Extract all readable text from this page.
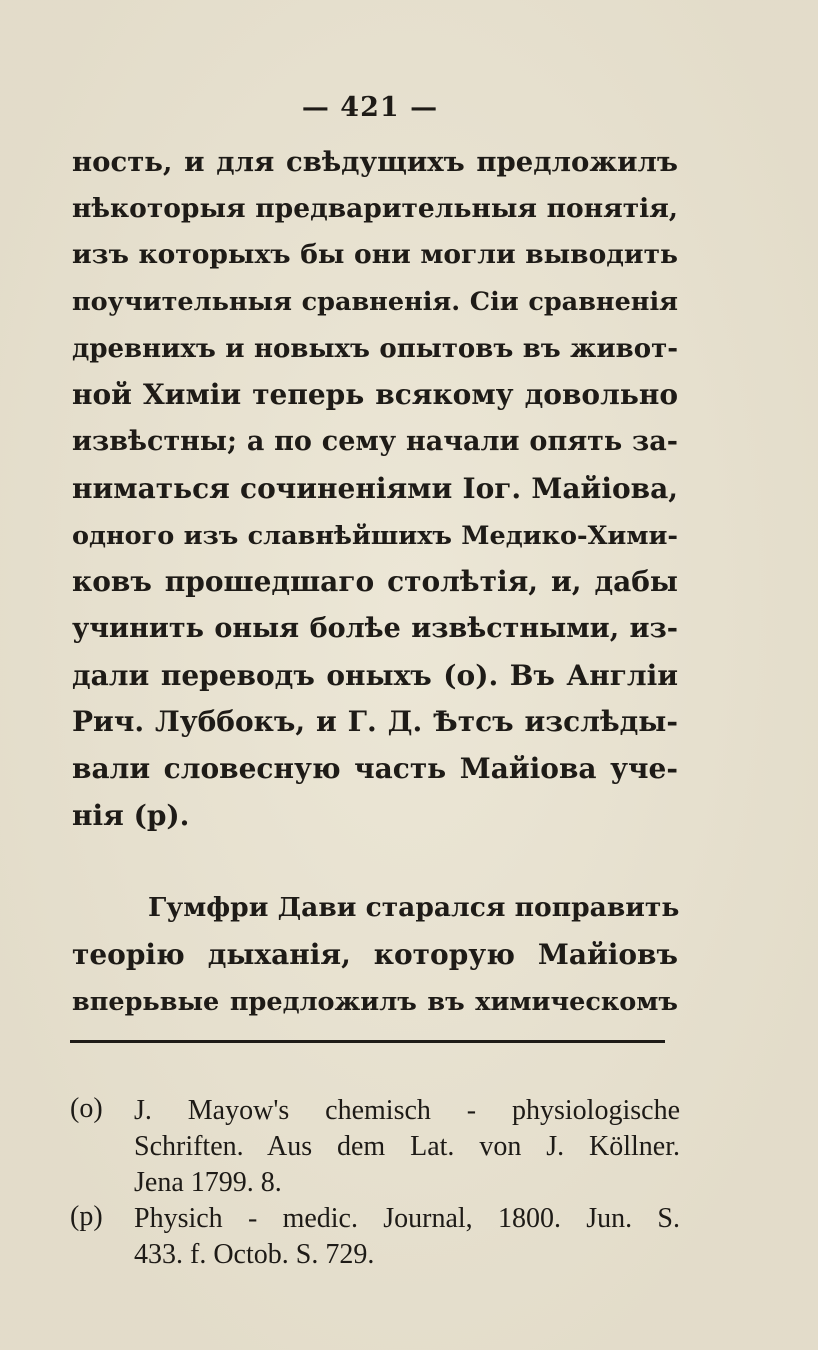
— 421 —
ность, и для свѣдущихъ предложилъ
нѣкоторыя предварительныя понятія,
изъ которыхъ бы они могли выводить
поучительныя сравненія. Сіи сравненія
древнихъ и новыхъ опытовъ въ живот-
ной Химіи теперь всякому довольно
извѣстны; а по сему начали опять за-
ниматься сочиненіями Іог. Майіова,
одного изъ славнѣйшихъ Медико-Хими-
ковъ прошедшаго столѣтія, и, дабы
учинить оныя болѣе извѣстными, из-
дали переводъ оныхъ (о). Въ Англіи
Рич. Луббокъ, и Г. Д. Ѣтсъ изслѣды-
вали словесную часть Майіова уче-
нія (p).
Гумфри Дави старался поправить
теорію дыханія, которую Майіовъ
вперьвые предложилъ въ химическомъ
(o) J. Mayow's chemisch - physiologische
Schriften. Aus dem Lat. von J. Köllner.
Jena 1799. 8.
(p) Physich - medic. Journal, 1800. Jun. S.
433. f. Octob. S. 729.
